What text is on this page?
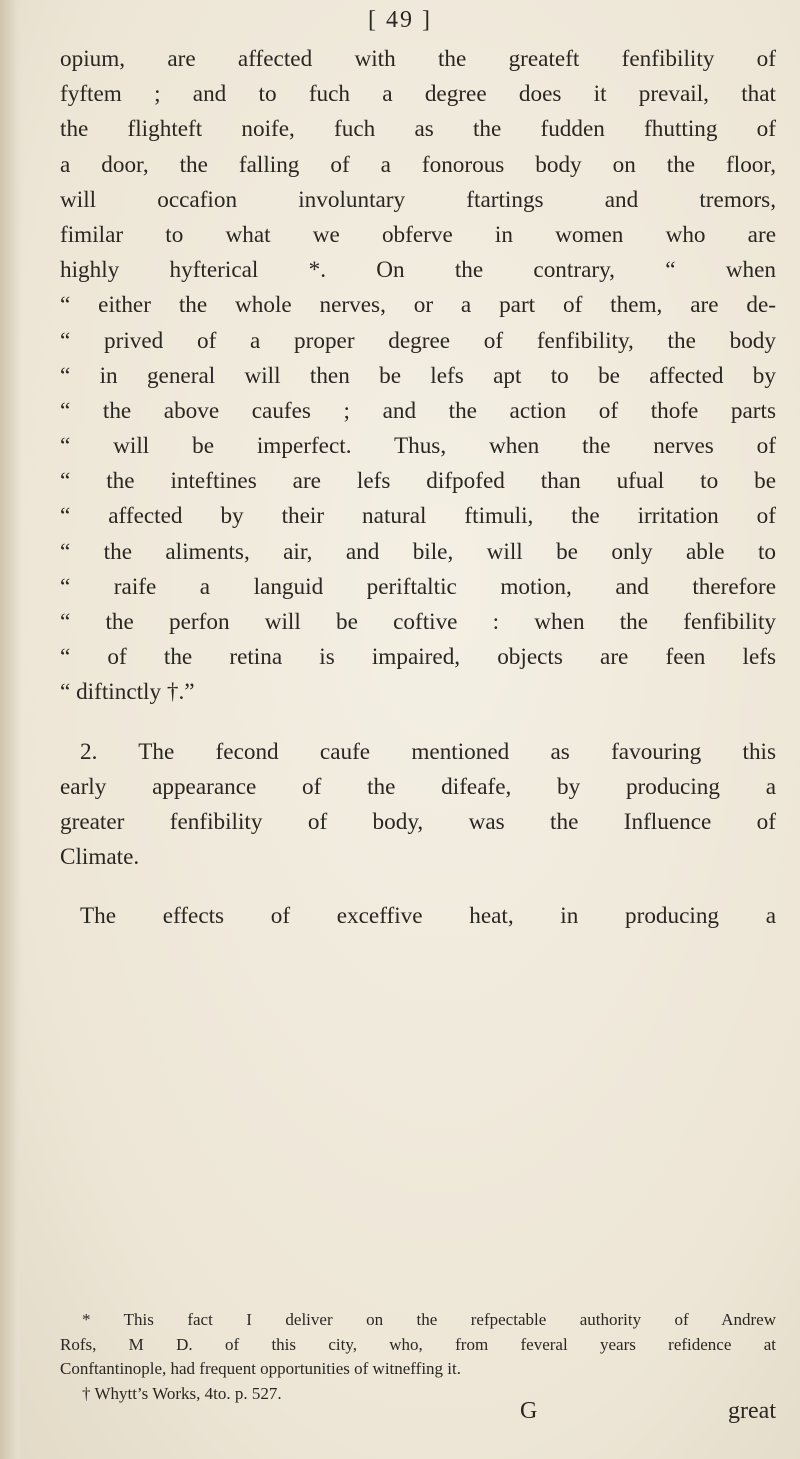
[ 49 ]
opium, are affected with the greateft fenfibility of
fyftem ; and to fuch a degree does it prevail, that
the flighteft noife, fuch as the fudden fhutting of
a door, the falling of a fonorous body on the floor,
will occafion involuntary ftartings and tremors,
fimilar to what we obferve in women who are
highly hyfterical *. On the contrary, “ when
“ either the whole nerves, or a part of them, are de-
“ prived of a proper degree of fenfibility, the body
“ in general will then be lefs apt to be affected by
“ the above caufes ; and the action of thofe parts
“ will be imperfect. Thus, when the nerves of
“ the inteftines are lefs difpofed than ufual to be
“ affected by their natural ftimuli, the irritation of
“ the aliments, air, and bile, will be only able to
“ raife a languid periftaltic motion, and therefore
“ the perfon will be coftive : when the fenfibility
“ of the retina is impaired, objects are feen lefs
“ diftinctly †.”
2. The fecond caufe mentioned as favouring this
early appearance of the difeafe, by producing a
greater fenfibility of body, was the Influence of
Climate.
The effects of exceffive heat, in producing a
* This fact I deliver on the refpectable authority of Andrew
Rofs, M D. of this city, who, from feveral years refidence at
Conftantinople, had frequent opportunities of witneffing it.
† Whytt’s Works, 4to. p. 527.
G	great
